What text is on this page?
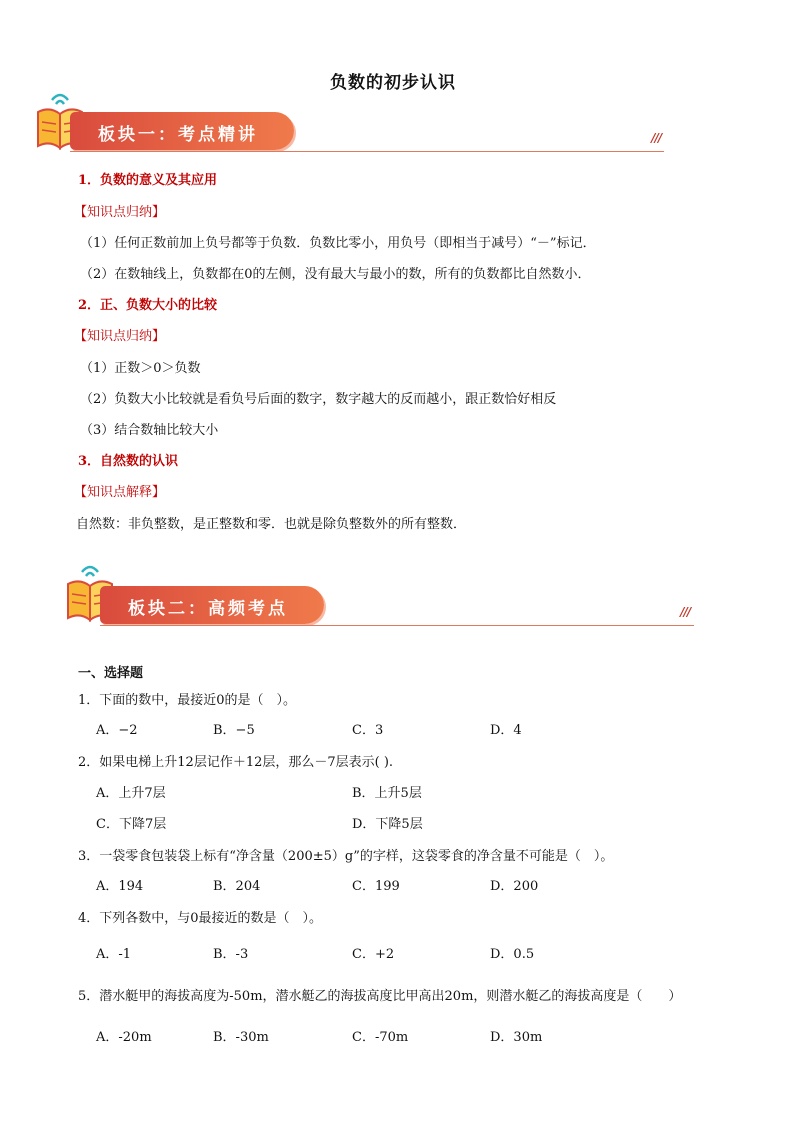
负数的初步认识
板块一：考点精讲	///
1．负数的意义及其应用
【知识点归纳】
（1）任何正数前加上负号都等于负数．负数比零小，用负号（即相当于减号）“－”标记．
（2）在数轴线上，负数都在0的左侧，没有最大与最小的数，所有的负数都比自然数小．
2．正、负数大小的比较
【知识点归纳】
（1）正数＞0＞负数
（2）负数大小比较就是看负号后面的数字，数字越大的反而越小，跟正数恰好相反
（3）结合数轴比较大小
3．自然数的认识
【知识点解释】
自然数：非负整数，是正整数和零．也就是除负整数外的所有整数．
板块二：高频考点	///
一、选择题
1．下面的数中，最接近0的是（　）。
A．−2	B．−5	C．3	D．4
2．如果电梯上升12层记作＋12层，那么－7层表示( ).
A．上升7层	B．上升5层
C．下降7层	D．下降5层
3．一袋零食包装袋上标有“净含量（200±5）g”的字样，这袋零食的净含量不可能是（　）。
A．194	B．204	C．199	D．200
4．下列各数中，与0最接近的数是（　）。
A．-1	B．-3	C．+2	D．0.5
5．潜水艇甲的海拔高度为-50m，潜水艇乙的海拔高度比甲高出20m，则潜水艇乙的海拔高度是（　　）
A．-20m	B．-30m	C．-70m	D．30m
